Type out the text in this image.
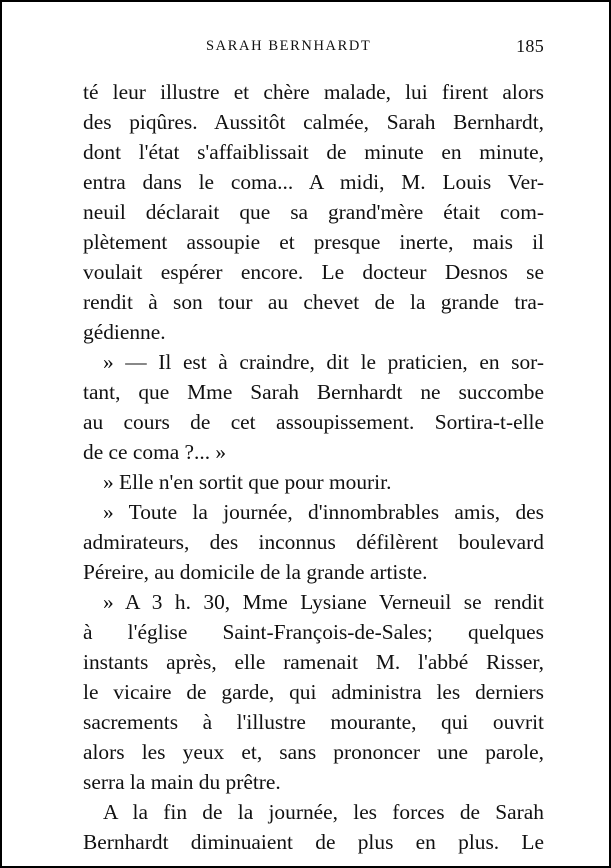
SARAH BERNHARDT	185
té leur illustre et chère malade, lui firent alors
des piqûres. Aussitôt calmée, Sarah Bernhardt,
dont l'état s'affaiblissait de minute en minute,
entra dans le coma... A midi, M. Louis Ver-
neuil déclarait que sa grand'mère était com-
plètement assoupie et presque inerte, mais il
voulait espérer encore. Le docteur Desnos se
rendit à son tour au chevet de la grande tra-
gédienne.
» — Il est à craindre, dit le praticien, en sor-
tant, que Mme Sarah Bernhardt ne succombe
au cours de cet assoupissement. Sortira-t-elle
de ce coma ?... »
» Elle n'en sortit que pour mourir.
» Toute la journée, d'innombrables amis, des
admirateurs, des inconnus défilèrent boulevard
Péreire, au domicile de la grande artiste.
» A 3 h. 30, Mme Lysiane Verneuil se rendit
à l'église Saint-François-de-Sales; quelques
instants après, elle ramenait M. l'abbé Risser,
le vicaire de garde, qui administra les derniers
sacrements à l'illustre mourante, qui ouvrit
alors les yeux et, sans prononcer une parole,
serra la main du prêtre.
A la fin de la journée, les forces de Sarah
Bernhardt diminuaient de plus en plus. Le
